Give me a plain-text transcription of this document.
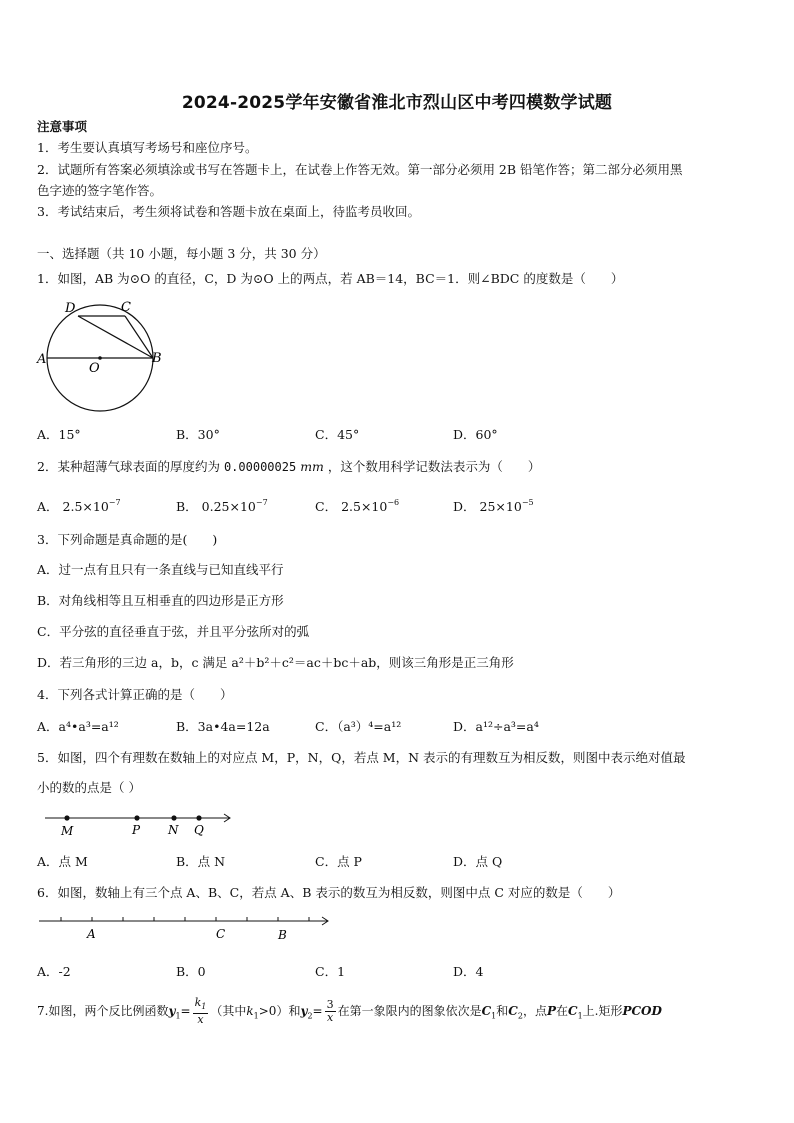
2024-2025学年安徽省淮北市烈山区中考四模数学试题
注意事项
1．考生要认真填写考场号和座位序号。
2．试题所有答案必须填涂或书写在答题卡上，在试卷上作答无效。第一部分必须用 2B 铅笔作答；第二部分必须用黑
色字迹的签字笔作答。
3．考试结束后，考生须将试卷和答题卡放在桌面上，待监考员收回。
一、选择题（共 10 小题，每小题 3 分，共 30 分）
1．如图，AB 为⊙O 的直径，C，D 为⊙O 上的两点，若 AB＝14，BC＝1．则∠BDC 的度数是（　　）
D	C
A
O
B
A．15°	B．30°	C．45°	D．60°
2．某种超薄气球表面的厚度约为 0.00000025 mm ，这个数用科学记数法表示为（　　）
A． $2.5\times 10^{-7}$	B． $0.25\times 10^{-7}$	C． $2.5\times 10^{-6}$	D． $25\times 10^{-5}$
3．下列命题是真命题的是(　　)
A．过一点有且只有一条直线与已知直线平行
B．对角线相等且互相垂直的四边形是正方形
C．平分弦的直径垂直于弦，并且平分弦所对的弧
D．若三角形的三边 a，b，c 满足 a²＋b²＋c²＝ac＋bc＋ab，则该三角形是正三角形
4．下列各式计算正确的是（　　）
A．a⁴•a³=a¹²	B．3a•4a=12a	C．（a³）⁴=a¹²	D．a¹²÷a³=a⁴
5．如图，四个有理数在数轴上的对应点 M，P，N，Q，若点 M，N 表示的有理数互为相反数，则图中表示绝对值最
小的数的点是（ ）
M	P N Q
A．点 M	B．点 N	C．点 P	D．点 Q
6．如图，数轴上有三个点 A、B、C，若点 A、B 表示的数互为相反数，则图中点 C 对应的数是（　　）
A	C	B
A．-2	B．0	C．1	D．4
7.如图，两个反比例函数$y_1= \frac{k_1}{x}$ （其中$k_1>0$）和$y_2= \frac{3}{x}$ 在第一象限内的图象依次是$C_1$和$C_2$，点P在$C_1$上.矩形PCOD
